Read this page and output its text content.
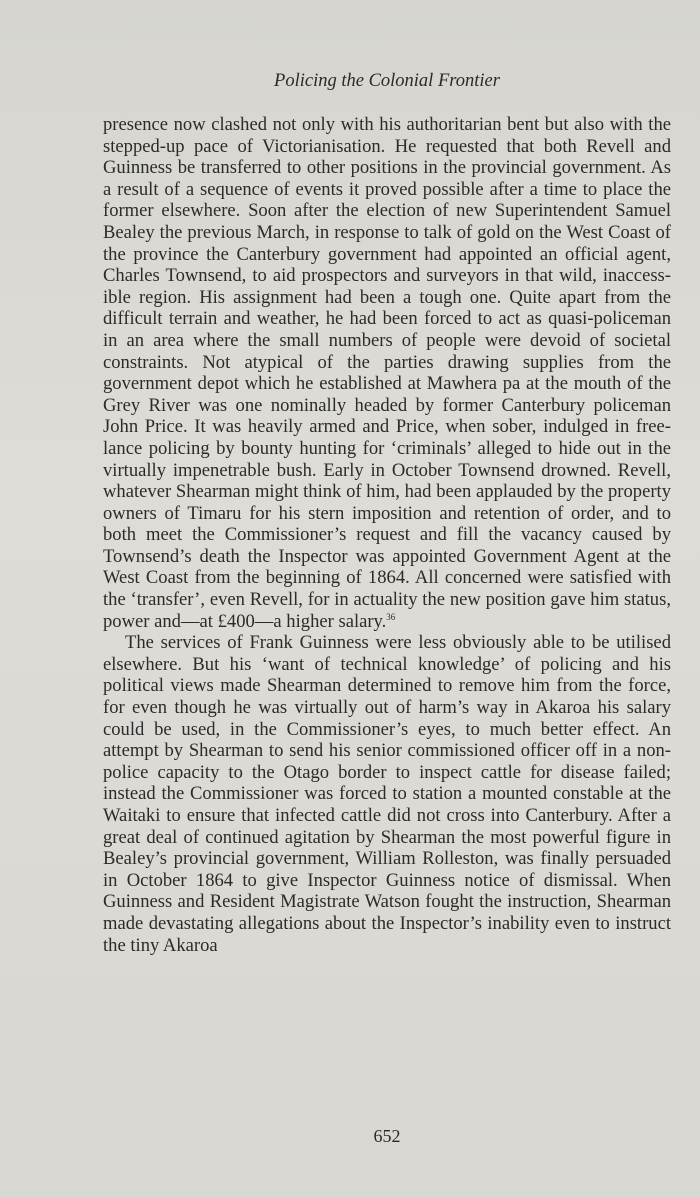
Policing the Colonial Frontier

presence now clashed not only with his authoritarian bent but also with the stepped-up pace of Victorianisation. He requested that both Revell and Guinness be transferred to other positions in the provincial government. As a result of a sequence of events it proved possible after a time to place the former elsewhere. Soon after the election of new Superintendent Samuel Bealey the previous March, in response to talk of gold on the West Coast of the province the Canterbury government had appointed an official agent, Charles Townsend, to aid prospectors and surveyors in that wild, inaccessible region. His assignment had been a tough one. Quite apart from the difficult terrain and weather, he had been forced to act as quasi-policeman in an area where the small numbers of people were devoid of societal constraints. Not atypical of the parties drawing supplies from the government depot which he established at Mawhera pa at the mouth of the Grey River was one nominally headed by former Canterbury policeman John Price. It was heavily armed and Price, when sober, indulged in free-lance policing by bounty hunting for ‘criminals’ alleged to hide out in the virtually impenetrable bush. Early in October Townsend drowned. Revell, whatever Shearman might think of him, had been applauded by the property owners of Timaru for his stern imposition and retention of order, and to both meet the Commissioner’s request and fill the vacancy caused by Townsend’s death the Inspector was appointed Government Agent at the West Coast from the beginning of 1864. All concerned were satisfied with the ‘transfer’, even Revell, for in actuality the new position gave him status, power and—at £400—a higher salary.$^{36}$

The services of Frank Guinness were less obviously able to be utilised elsewhere. But his ‘want of technical knowledge’ of policing and his political views made Shearman determined to remove him from the force, for even though he was virtually out of harm’s way in Akaroa his salary could be used, in the Commissioner’s eyes, to much better effect. An attempt by Shearman to send his senior commissioned officer off in a non-police capacity to the Otago border to inspect cattle for disease failed; instead the Commissioner was forced to station a mounted constable at the Waitaki to ensure that infected cattle did not cross into Canterbury. After a great deal of continued agitation by Shearman the most powerful figure in Bealey’s provincial government, William Rolleston, was finally persuaded in October 1864 to give Inspector Guinness notice of dismissal. When Guinness and Resident Magistrate Watson fought the instruction, Shearman made devastating allegations about the Inspector’s inability even to instruct the tiny Akaroa

652
